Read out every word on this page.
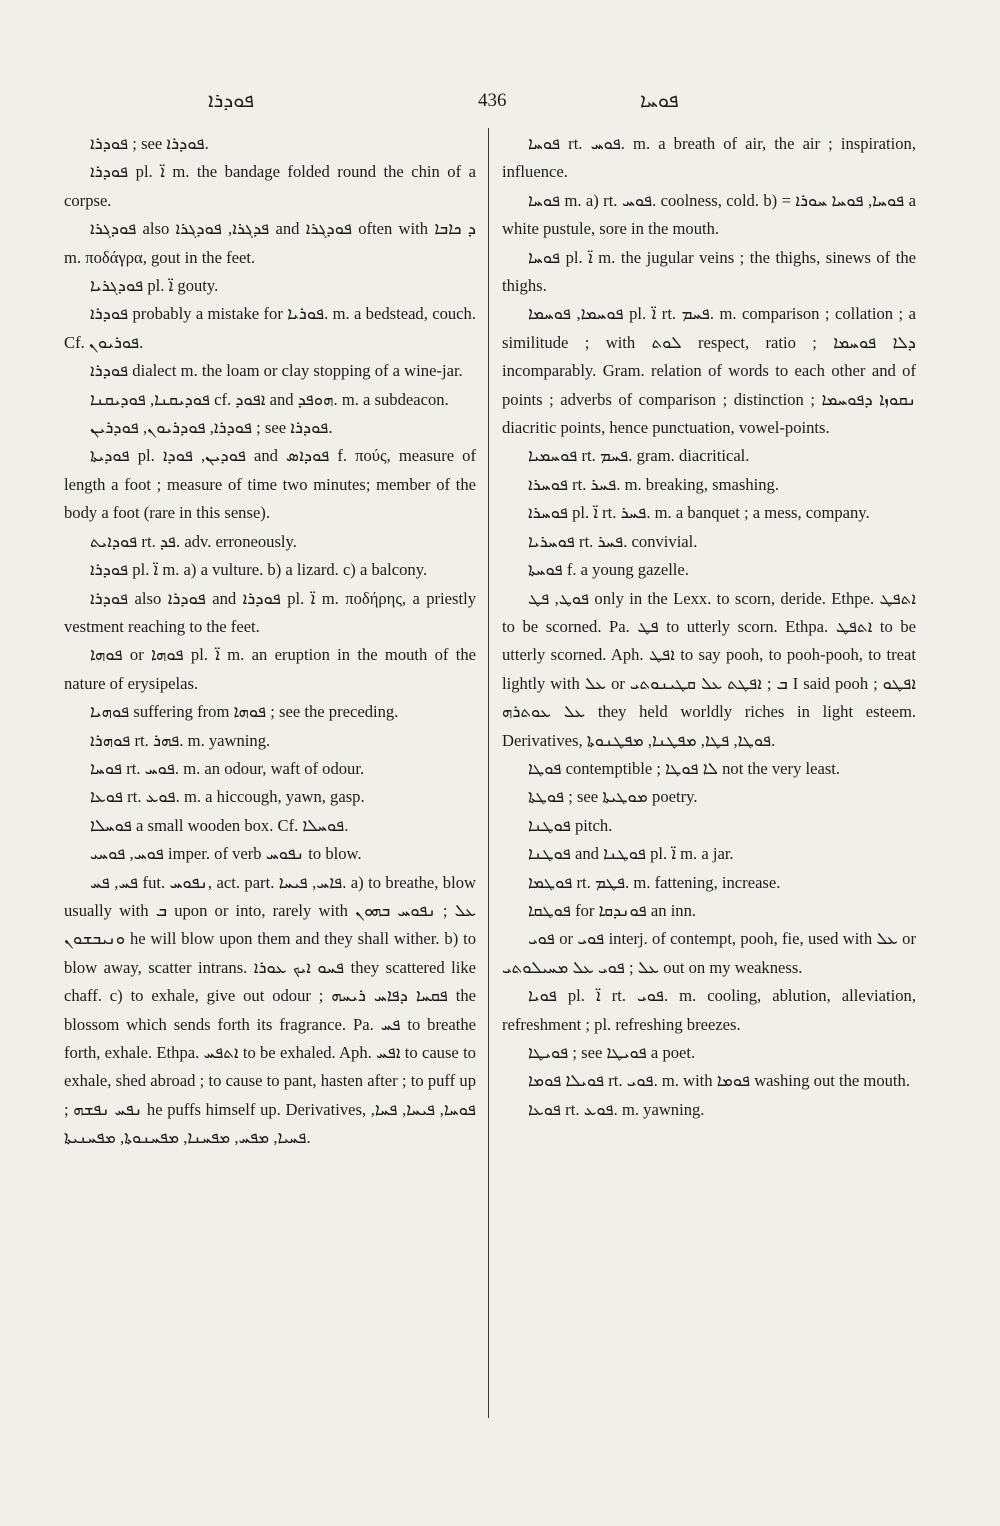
ܦܘܕܪܐ	436	ܦܘܚܐ

ܦܘܕܪܐ ; see ܦܘܕܪܐ.

ܦܘܕܪܐ pl. ܐ̈ m. the bandage folded round the chin of a corpse.

ܦܘܕܓܪܐ also ܦܕܓܪܐ, ܦܘܕܓܪܐ and ܦܘܕܓܪܐ often with ܕ ܟܐܒܐ m. ποδάγρα, gout in the feet.

ܦܘܕܓܪܝܐ pl. ܐ̈ gouty.

ܦܘܕܪܐ probably a mistake for ܦܘܪܝܐ. m. a bedstead, couch. Cf. ܦܘܪܝܘܢ.

ܦܘܕܪܐ dialect m. the loam or clay stopping of a wine-jar.

ܦܘܕܝܩܢܐ, ܦܘܕܝܩܢܐ cf. ܐܦܘܕ and ܗܘܦܕ. m. a subdeacon.

ܦܘܕܪܐ, ܦܘܕܪܝܘܢ, ܦܘܕܪܝܢ ; see ܦܘܕܪܐ.

ܦܘܕܝܬܐ pl. ܦܘܕܝܢ, ܦܘܕܐ and ܦܘܕܐܣ f. πούς, measure of length a foot ; measure of time two minutes; member of the body a foot (rare in this sense).

ܦܘܕܐܝܬ rt. ܦܕ. adv. erroneously.

ܦܘܕܪܐ pl. ܐ̈ m. a) a vulture. b) a lizard. c) a balcony.

ܦܘܕܪܐ also ܦܘܕܪܐ and ܦܘܕܪܐ pl. ܐ̈ m. ποδήρης, a priestly vestment reaching to the feet.

ܦܘܗܐ or ܦܘܗܐ pl. ܐ̈ m. an eruption in the mouth of the nature of erysipelas.

ܦܘܗܝܐ suffering from ܦܘܗܐ ; see the preceding.

ܦܘܗܪܐ rt. ܦܗܪ. m. yawning.

ܦܘܚܐ rt. ܦܘܚ. m. an odour, waft of odour.

ܦܘܥܐ rt. ܦܘܥ. m. a hiccough, yawn, gasp.

ܦܘܚܠܐ a small wooden box. Cf. ܦܘܚܠܐ.

ܦܘܚ, ܦܘܚܝ imper. of verb ܢܦܘܚ to blow.

ܦܚ, ܦܚ fut. ܢܦܘܚ, act. part. ܦܐܚ, ܦܝܚܐ. a) to breathe, blow usually with ܒ upon or into, rarely with ܥܠ ; ܢܦܘܚ ܒܗܘܢ ܘܢܝܒܫܘܢ he will blow upon them and they shall wither. b) to blow away, scatter intrans. ܦܚܘ ܐܝܟ ܥܘܪܐ they scattered like chaff. c) to exhale, give out odour ; ܦܩܚܐ ܕܦܐܚ ܪܝܚܗ the blossom which sends forth its fragrance. Pa. ܦܚ to breathe forth, exhale. Ethpa. ܐܬܦܚ to be exhaled. Aph. ܐܦܚ to cause to exhale, shed abroad ; to cause to pant, hasten after ; to puff up ; ܢܦܚ ܢܦܫܗ he puffs himself up. Derivatives, ܦܘܚܐ, ܦܝܚܐ, ܦܚܐ, ܦܚܝܐ, ܡܦܚ, ܡܦܚܢܐ, ܡܦܚܢܘܬܐ, ܡܦܚܢܝܬܐ.

ܦܘܚܐ rt. ܦܘܚ. m. a breath of air, the air ; inspiration, influence.

ܦܘܚܐ m. a) rt. ܦܘܚ. coolness, cold. b) = ܦܘܚܐ, ܦܘܚܐ ܚܘܪܐ a white pustule, sore in the mouth.

ܦܘܚܐ pl. ܐ̈ m. the jugular veins ; the thighs, sinews of the thighs.

ܦܘܚܡܐ, ܦܘܚܡܐ pl. ܐ̈ rt. ܦܚܡ. m. comparison ; collation ; a similitude ; with ܠܘܬ respect, ratio ; ܕܠܐ ܦܘܚܡܐ incomparably. Gram. relation of words to each other and of points ; adverbs of comparison ; distinction ; ܢܩܘܙܐ ܕܦܘܚܡܐ diacritic points, hence punctuation, vowel-points.

ܦܘܚܡܝܐ rt. ܦܚܡ. gram. diacritical.

ܦܘܚܪܐ rt. ܦܚܪ. m. breaking, smashing.

ܦܘܚܪܐ pl. ܐ̈ rt. ܦܚܪ. m. a banquet ; a mess, company.

ܦܘܚܪܝܐ rt. ܦܚܪ. convivial.

ܦܘܚܬܐ f. a young gazelle.

ܦܘܛ, ܦܛ only in the Lexx. to scorn, deride. Ethpe. ܐܬܦܛ to be scorned. Pa. ܦܛ to utterly scorn. Ethpa. ܐܬܦܛ to be utterly scorned. Aph. ܐܦܛ to say pooh, to pooh-pooh, to treat lightly with ܥܠ or ܒ ; ܐܦܛܬ ܥܠ ܩܛܝܢܘܬܝ I said pooh ; ܐܦܛܘ ܥܠ ܥܘܬܪܗ they held worldly riches in light esteem. Derivatives, ܦܘܛܐ, ܦܛܐ, ܡܦܛܢܐ, ܡܦܛܢܘܬܐ.

ܦܘܛܐ contemptible ; ܠܐ ܦܘܛܐ not the very least.

ܦܘܛܬܐ ; see ܡܘܛܝܬܐ poetry.

ܦܘܛܢܐ pitch.

ܦܘܛܢܐ and ܦܘܛܢܐ pl. ܐ̈ m. a jar.

ܦܘܛܡܐ rt. ܦܛܡ. m. fattening, increase.

ܦܘܛܩܐ for ܦܘܢܕܩܐ an inn.

ܦܘܝ or ܦܘܝ interj. of contempt, pooh, fie, used with ܥܠ or ܥܠ ; ܦܘܝ ܥܠ ܡܚܝܠܘܬܝ out on my weakness.

ܦܘܝܐ pl. ܐ̈ rt. ܦܘܝ. m. cooling, ablution, alleviation, refreshment ; pl. refreshing breezes.

ܦܘܝܛܐ ; see ܦܘܝܛܐ a poet.

ܦܘܝܠܐ ܦܘܡܐ rt. ܦܘܝ. m. with ܦܘܡܐ washing out the mouth.

ܦܘܥܐ rt. ܦܘܥ. m. yawning.
